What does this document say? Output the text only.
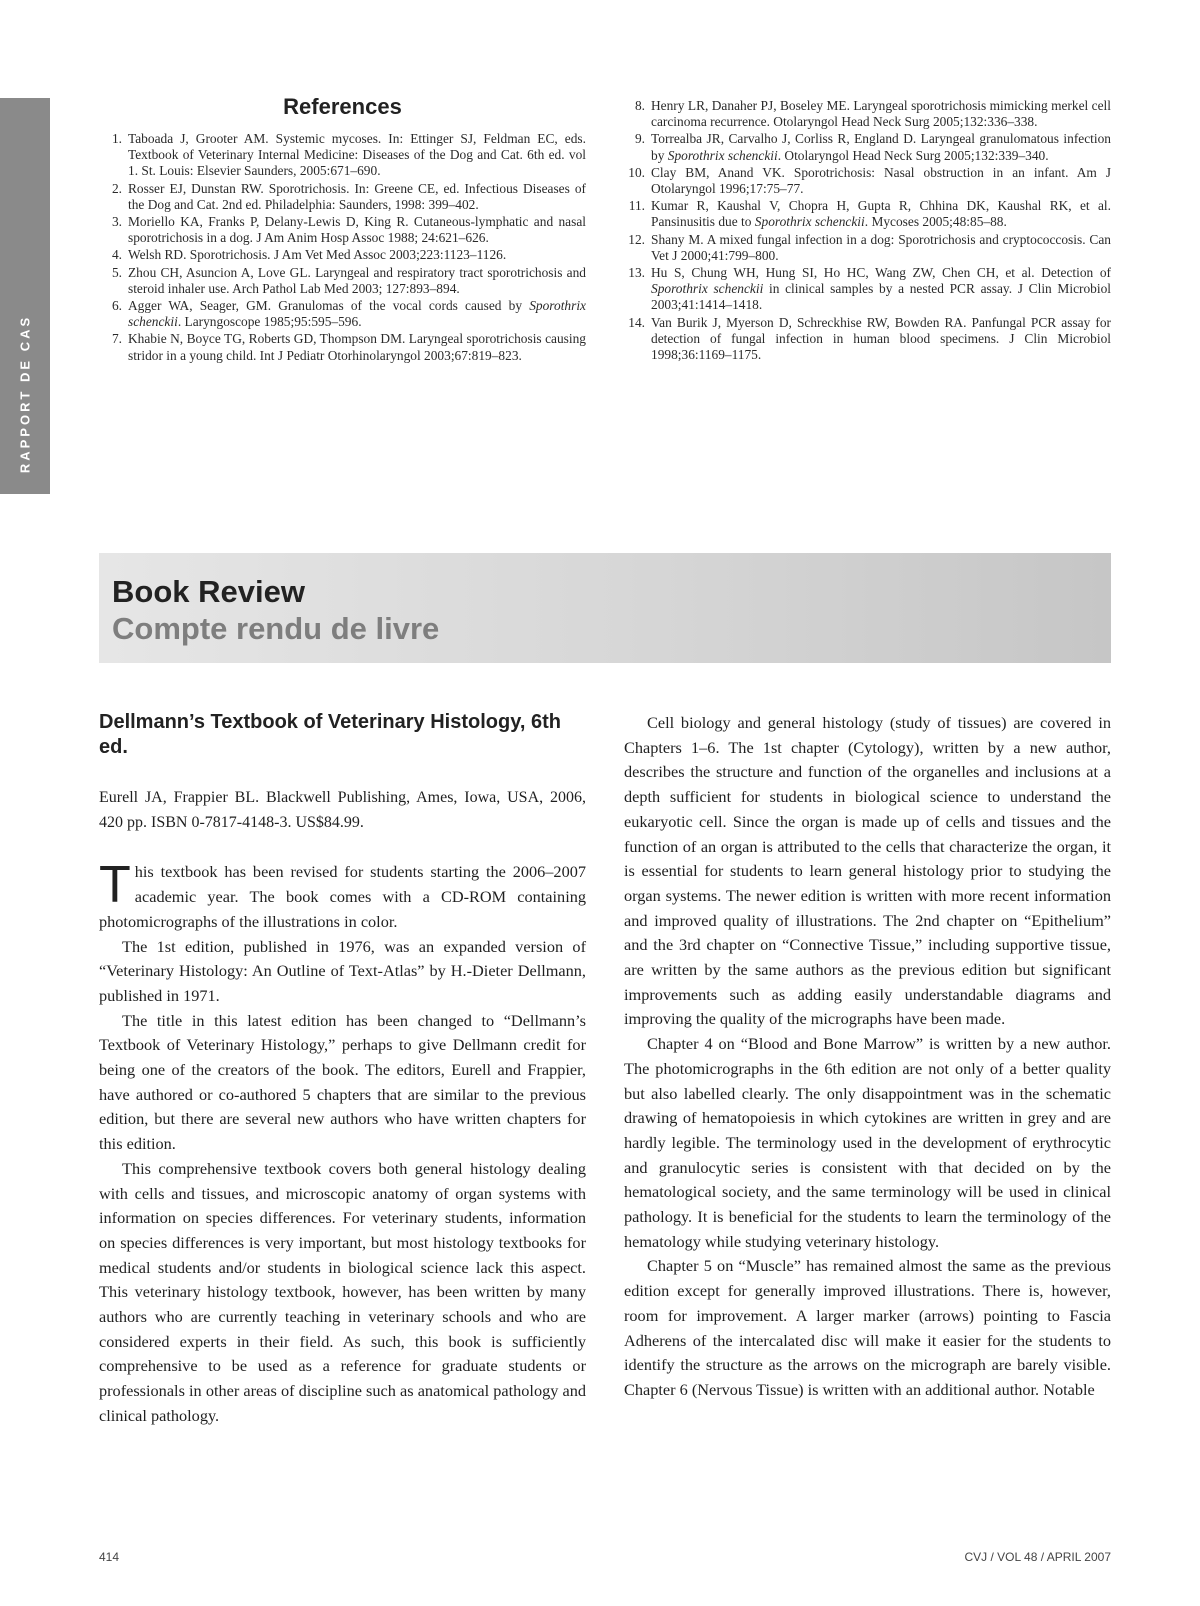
RAPPORT DE CAS
References
1. Taboada J, Grooter AM. Systemic mycoses. In: Ettinger SJ, Feldman EC, eds. Textbook of Veterinary Internal Medicine: Diseases of the Dog and Cat. 6th ed. vol 1. St. Louis: Elsevier Saunders, 2005:671–690.
2. Rosser EJ, Dunstan RW. Sporotrichosis. In: Greene CE, ed. Infectious Diseases of the Dog and Cat. 2nd ed. Philadelphia: Saunders, 1998: 399–402.
3. Moriello KA, Franks P, Delany-Lewis D, King R. Cutaneous-lymphatic and nasal sporotrichosis in a dog. J Am Anim Hosp Assoc 1988; 24:621–626.
4. Welsh RD. Sporotrichosis. J Am Vet Med Assoc 2003;223:1123–1126.
5. Zhou CH, Asuncion A, Love GL. Laryngeal and respiratory tract sporotrichosis and steroid inhaler use. Arch Pathol Lab Med 2003; 127:893–894.
6. Agger WA, Seager, GM. Granulomas of the vocal cords caused by Sporothrix schenckii. Laryngoscope 1985;95:595–596.
7. Khabie N, Boyce TG, Roberts GD, Thompson DM. Laryngeal sporotrichosis causing stridor in a young child. Int J Pediatr Otorhinolaryngol 2003;67:819–823.
8. Henry LR, Danaher PJ, Boseley ME. Laryngeal sporotrichosis mimicking merkel cell carcinoma recurrence. Otolaryngol Head Neck Surg 2005;132:336–338.
9. Torrealba JR, Carvalho J, Corliss R, England D. Laryngeal granulomatous infection by Sporothrix schenckii. Otolaryngol Head Neck Surg 2005;132:339–340.
10. Clay BM, Anand VK. Sporotrichosis: Nasal obstruction in an infant. Am J Otolaryngol 1996;17:75–77.
11. Kumar R, Kaushal V, Chopra H, Gupta R, Chhina DK, Kaushal RK, et al. Pansinusitis due to Sporothrix schenckii. Mycoses 2005;48:85–88.
12. Shany M. A mixed fungal infection in a dog: Sporotrichosis and cryptococcosis. Can Vet J 2000;41:799–800.
13. Hu S, Chung WH, Hung SI, Ho HC, Wang ZW, Chen CH, et al. Detection of Sporothrix schenckii in clinical samples by a nested PCR assay. J Clin Microbiol 2003;41:1414–1418.
14. Van Burik J, Myerson D, Schreckhise RW, Bowden RA. Panfungal PCR assay for detection of fungal infection in human blood specimens. J Clin Microbiol 1998;36:1169–1175.
Book Review
Compte rendu de livre
Dellmann’s Textbook of Veterinary Histology, 6th ed.

Eurell JA, Frappier BL. Blackwell Publishing, Ames, Iowa, USA, 2006, 420 pp. ISBN 0-7817-4148-3. US$84.99.

This textbook has been revised for students starting the 2006–2007 academic year. The book comes with a CD-ROM containing photomicrographs of the illustrations in color.

The 1st edition, published in 1976, was an expanded version of “Veterinary Histology: An Outline of Text-Atlas” by H.-Dieter Dellmann, published in 1971.

The title in this latest edition has been changed to “Dellmann’s Textbook of Veterinary Histology,” perhaps to give Dellmann credit for being one of the creators of the book. The editors, Eurell and Frappier, have authored or co-authored 5 chapters that are similar to the previous edition, but there are several new authors who have written chapters for this edition.

This comprehensive textbook covers both general histology dealing with cells and tissues, and microscopic anatomy of organ systems with information on species differences. For veterinary students, information on species differences is very important, but most histology textbooks for medical students and/or students in biological science lack this aspect. This veterinary histology textbook, however, has been written by many authors who are currently teaching in veterinary schools and who are considered experts in their field. As such, this book is sufficiently comprehensive to be used as a reference for graduate students or professionals in other areas of discipline such as anatomical pathology and clinical pathology.

Cell biology and general histology (study of tissues) are covered in Chapters 1–6. The 1st chapter (Cytology), written by a new author, describes the structure and function of the organelles and inclusions at a depth sufficient for students in biological science to understand the eukaryotic cell. Since the organ is made up of cells and tissues and the function of an organ is attributed to the cells that characterize the organ, it is essential for students to learn general histology prior to studying the organ systems. The newer edition is written with more recent information and improved quality of illustrations. The 2nd chapter on “Epithelium” and the 3rd chapter on “Connective Tissue,” including supportive tissue, are written by the same authors as the previous edition but significant improvements such as adding easily understandable diagrams and improving the quality of the micrographs have been made.

Chapter 4 on “Blood and Bone Marrow” is written by a new author. The photomicrographs in the 6th edition are not only of a better quality but also labelled clearly. The only disappointment was in the schematic drawing of hematopoiesis in which cytokines are written in grey and are hardly legible. The terminology used in the development of erythrocytic and granulocytic series is consistent with that decided on by the hematological society, and the same terminology will be used in clinical pathology. It is beneficial for the students to learn the terminology of the hematology while studying veterinary histology.

Chapter 5 on “Muscle” has remained almost the same as the previous edition except for generally improved illustrations. There is, however, room for improvement. A larger marker (arrows) pointing to Fascia Adherens of the intercalated disc will make it easier for the students to identify the structure as the arrows on the micrograph are barely visible. Chapter 6 (Nervous Tissue) is written with an additional author. Notable

414	CVJ / VOL 48 / APRIL 2007
